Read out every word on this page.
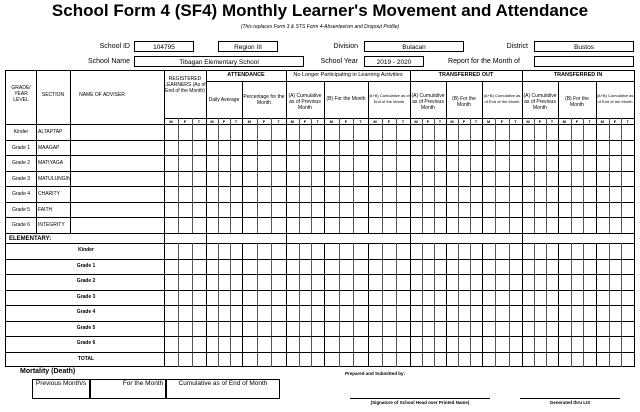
School Form 4 (SF4) Monthly Learner's Movement and Attendance
(This replaces Form 3 & STS Form 4-Absenteeism and Dropout Profile)
School ID	104795	Region III	Division	Bulacan	District	Bustos
School Name	Tibagan Elementary School	School Year	2019 - 2020	Report for the Month of
GRADE/ YEAR LEVEL
SECTION	NAME OF ADVISER
REGISTERED LEARNERS (As of End of the Month)
ATTENDANCE
Daily Average Percentage for the Month
No Longer Participating in Learning Activities	TRANSFERRED OUT	TRANSFERRED IN
(A) Cumulative as of Previous Month
(B) For the Month
(A+B) Cumulative as of End of the Month
(A) Cumulative as of Previous Month
(B) For the Month
(A+B) Cumulative as of End of the Month
(A) Cumulative as of Previous Month
(B) For the Month
(A+B) Cumulative as of End of the Month
ELEMENTARY:
M	F	T	M	F	T	M	F	T	M	F	T	M	F	T	M	F	T	M	F	T	M	F	T	M	F	T	M	F	T	M	F	T	M	F	T
Kinder	ALTAPTAP
Grade 1	MAAGAP
Grade 2	MATIYAGA
Grade 3	MATULUNGIN
Grade 4	CHARITY
Grade 5	FAITH
Grade 6	INTEGRITY
Kinder
Grade 1
Grade 2
Grade 3
Grade 4
Grade 5
Grade 6
TOTAL
Mortality (Death)
Previous Month/s	For the Month	Cumulative as of End of Month
Prepared and Submitted by:
(Signature of School Head over Printed Name)	Generated thru LIS
